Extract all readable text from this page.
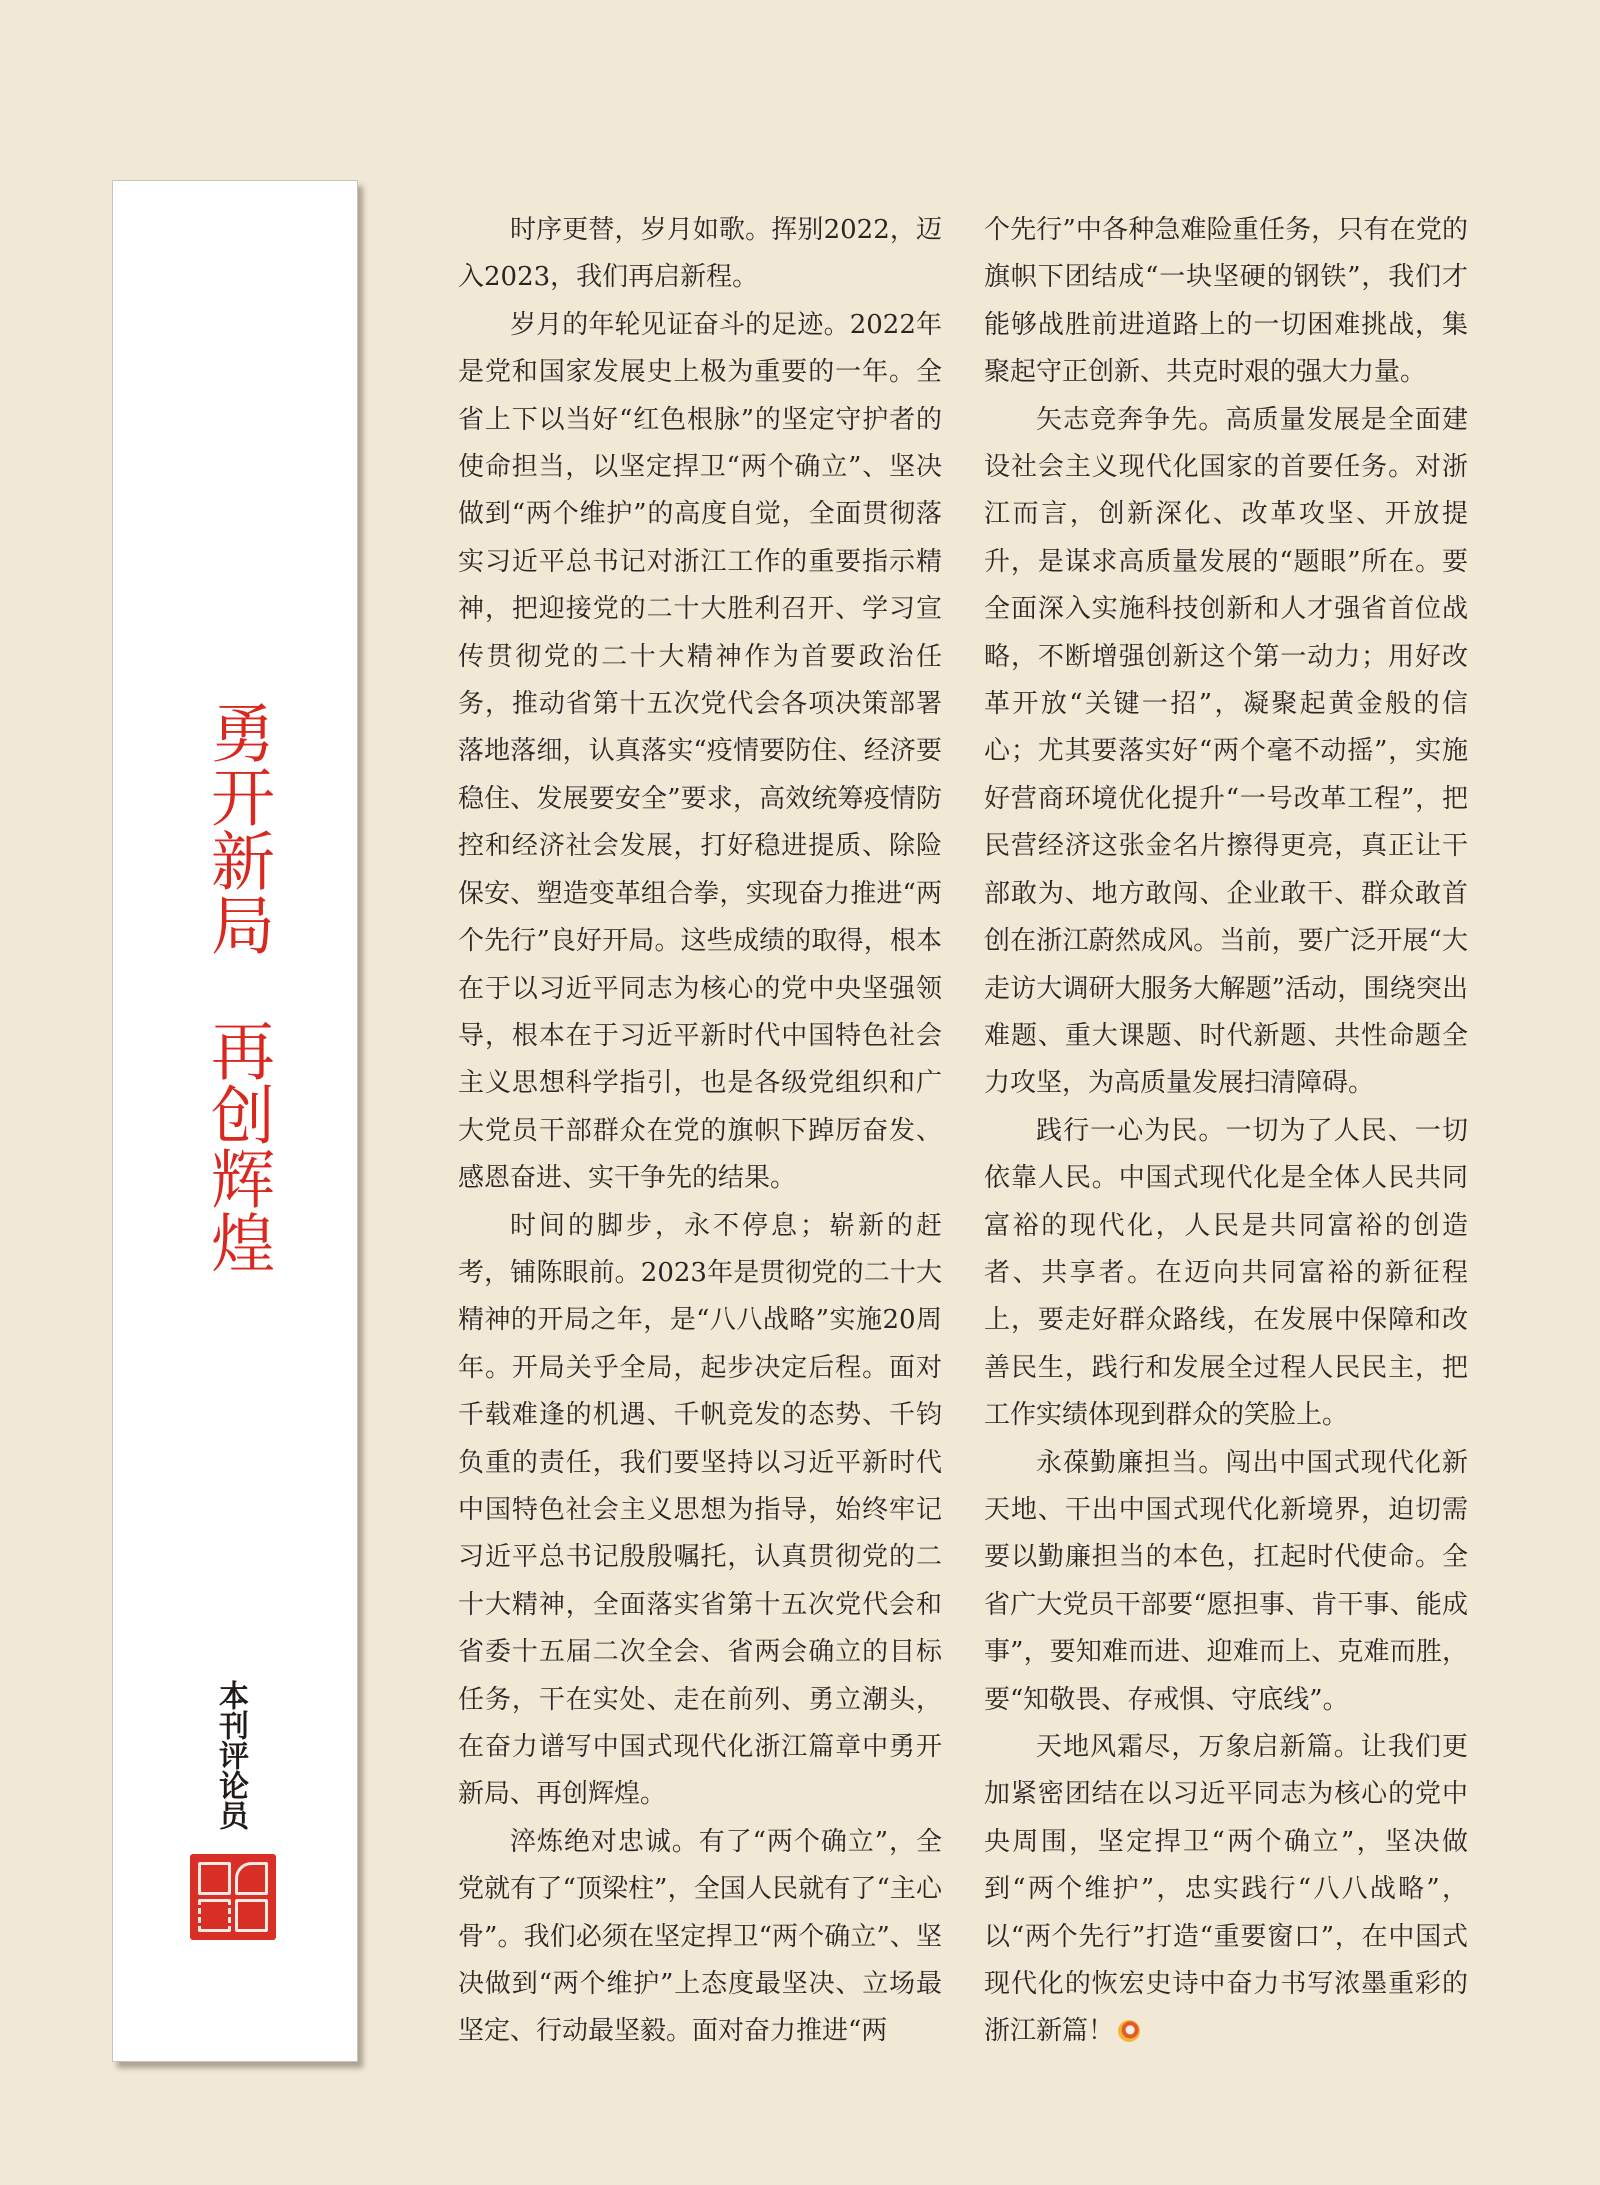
勇开新局
再创辉煌
本刊评论员

时序更替，岁月如歌。挥别2022，迈入2023，我们再启新程。

岁月的年轮见证奋斗的足迹。2022年是党和国家发展史上极为重要的一年。全省上下以当好“红色根脉”的坚定守护者的使命担当，以坚定捍卫“两个确立”、坚决做到“两个维护”的高度自觉，全面贯彻落实习近平总书记对浙江工作的重要指示精神，把迎接党的二十大胜利召开、学习宣传贯彻党的二十大精神作为首要政治任务，推动省第十五次党代会各项决策部署落地落细，认真落实“疫情要防住、经济要稳住、发展要安全”要求，高效统筹疫情防控和经济社会发展，打好稳进提质、除险保安、塑造变革组合拳，实现奋力推进“两个先行”良好开局。这些成绩的取得，根本在于以习近平同志为核心的党中央坚强领导，根本在于习近平新时代中国特色社会主义思想科学指引，也是各级党组织和广大党员干部群众在党的旗帜下踔厉奋发、感恩奋进、实干争先的结果。

时间的脚步，永不停息；崭新的赶考，铺陈眼前。2023年是贯彻党的二十大精神的开局之年，是“八八战略”实施20周年。开局关乎全局，起步决定后程。面对千载难逢的机遇、千帆竞发的态势、千钧负重的责任，我们要坚持以习近平新时代中国特色社会主义思想为指导，始终牢记习近平总书记殷殷嘱托，认真贯彻党的二十大精神，全面落实省第十五次党代会和省委十五届二次全会、省两会确立的目标任务，干在实处、走在前列、勇立潮头，在奋力谱写中国式现代化浙江篇章中勇开新局、再创辉煌。

淬炼绝对忠诚。有了“两个确立”，全党就有了“顶梁柱”，全国人民就有了“主心骨”。我们必须在坚定捍卫“两个确立”、坚决做到“两个维护”上态度最坚决、立场最坚定、行动最坚毅。面对奋力推进“两

个先行”中各种急难险重任务，只有在党的旗帜下团结成“一块坚硬的钢铁”，我们才能够战胜前进道路上的一切困难挑战，集聚起守正创新、共克时艰的强大力量。

矢志竞奔争先。高质量发展是全面建设社会主义现代化国家的首要任务。对浙江而言，创新深化、改革攻坚、开放提升，是谋求高质量发展的“题眼”所在。要全面深入实施科技创新和人才强省首位战略，不断增强创新这个第一动力；用好改革开放“关键一招”，凝聚起黄金般的信心；尤其要落实好“两个毫不动摇”，实施好营商环境优化提升“一号改革工程”，把民营经济这张金名片擦得更亮，真正让干部敢为、地方敢闯、企业敢干、群众敢首创在浙江蔚然成风。当前，要广泛开展“大走访大调研大服务大解题”活动，围绕突出难题、重大课题、时代新题、共性命题全力攻坚，为高质量发展扫清障碍。

践行一心为民。一切为了人民、一切依靠人民。中国式现代化是全体人民共同富裕的现代化，人民是共同富裕的创造者、共享者。在迈向共同富裕的新征程上，要走好群众路线，在发展中保障和改善民生，践行和发展全过程人民民主，把工作实绩体现到群众的笑脸上。

永葆勤廉担当。闯出中国式现代化新天地、干出中国式现代化新境界，迫切需要以勤廉担当的本色，扛起时代使命。全省广大党员干部要“愿担事、肯干事、能成事”，要知难而进、迎难而上、克难而胜，要“知敬畏、存戒惧、守底线”。

天地风霜尽，万象启新篇。让我们更加紧密团结在以习近平同志为核心的党中央周围，坚定捍卫“两个确立”，坚决做到“两个维护”，忠实践行“八八战略”，以“两个先行”打造“重要窗口”，在中国式现代化的恢宏史诗中奋力书写浓墨重彩的浙江新篇！
